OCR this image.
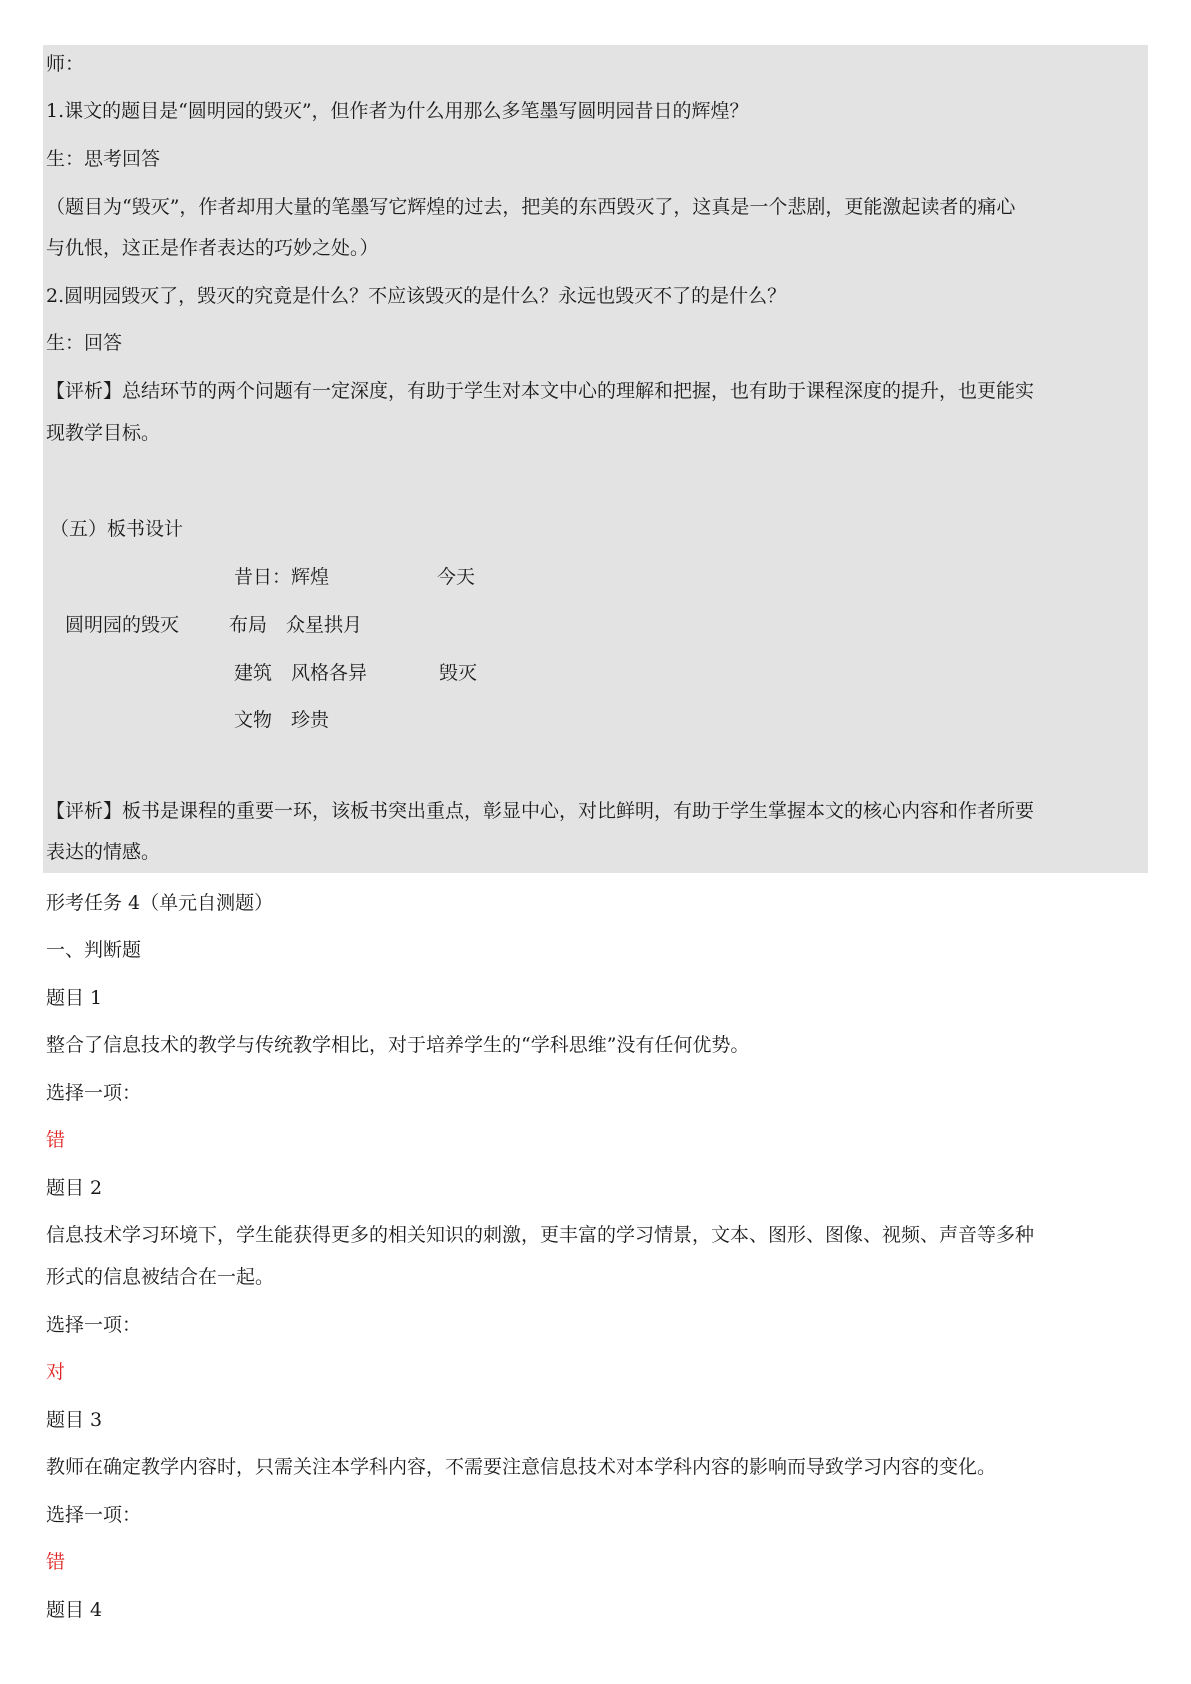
师：
1.课文的题目是“圆明园的毁灭”，但作者为什么用那么多笔墨写圆明园昔日的辉煌？
生：思考回答
（题目为“毁灭”，作者却用大量的笔墨写它辉煌的过去，把美的东西毁灭了，这真是一个悲剧，更能激起读者的痛心
与仇恨，这正是作者表达的巧妙之处。）
2.圆明园毁灭了，毁灭的究竟是什么？不应该毁灭的是什么？永远也毁灭不了的是什么？
生：回答
【评析】总结环节的两个问题有一定深度，有助于学生对本文中心的理解和把握，也有助于课程深度的提升，也更能实
现教学目标。
（五）板书设计
昔日：辉煌	今天
圆明园的毁灭	布局　众星拱月
建筑　风格各异	毁灭
文物　珍贵
【评析】板书是课程的重要一环，该板书突出重点，彰显中心，对比鲜明，有助于学生掌握本文的核心内容和作者所要
表达的情感。
形考任务 4（单元自测题）
一、判断题
题目 1
整合了信息技术的教学与传统教学相比，对于培养学生的“学科思维”没有任何优势。
选择一项：
错
题目 2
信息技术学习环境下，学生能获得更多的相关知识的刺激，更丰富的学习情景，文本、图形、图像、视频、声音等多种
形式的信息被结合在一起。
选择一项：
对
题目 3
教师在确定教学内容时，只需关注本学科内容，不需要注意信息技术对本学科内容的影响而导致学习内容的变化。
选择一项：
错
题目 4
